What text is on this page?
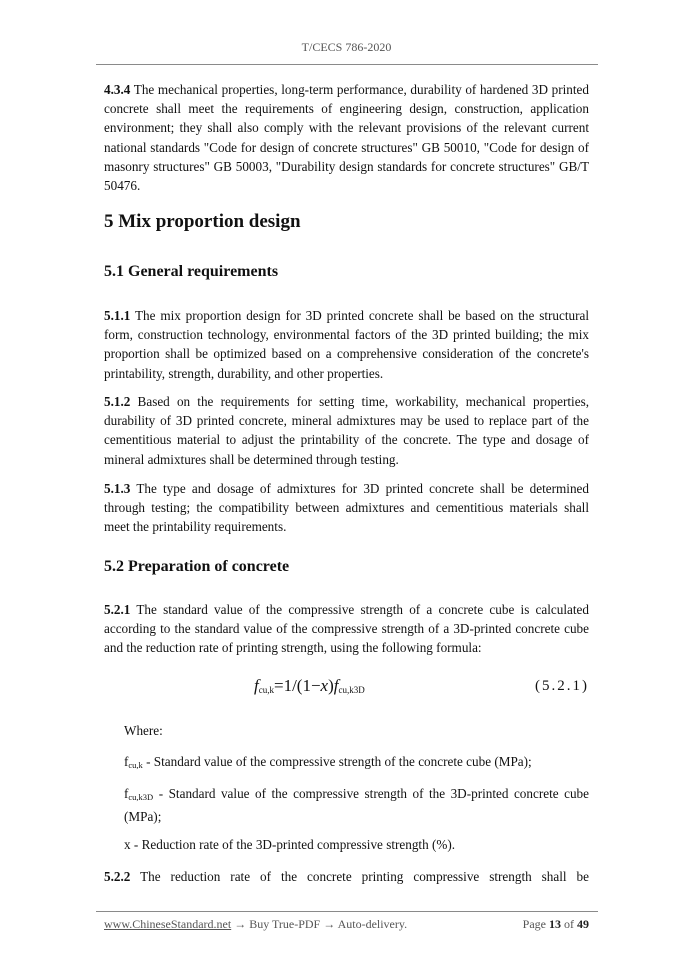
T/CECS 786-2020

4.3.4 The mechanical properties, long-term performance, durability of hardened 3D printed concrete shall meet the requirements of engineering design, construction, application environment; they shall also comply with the relevant provisions of the relevant current national standards "Code for design of concrete structures" GB 50010, "Code for design of masonry structures" GB 50003, "Durability design standards for concrete structures" GB/T 50476.

5 Mix proportion design
5.1 General requirements

5.1.1 The mix proportion design for 3D printed concrete shall be based on the structural form, construction technology, environmental factors of the 3D printed building; the mix proportion shall be optimized based on a comprehensive consideration of the concrete's printability, strength, durability, and other properties.

5.1.2 Based on the requirements for setting time, workability, mechanical properties, durability of 3D printed concrete, mineral admixtures may be used to replace part of the cementitious material to adjust the printability of the concrete. The type and dosage of mineral admixtures shall be determined through testing.

5.1.3 The type and dosage of admixtures for 3D printed concrete shall be determined through testing; the compatibility between admixtures and cementitious materials shall meet the printability requirements.

5.2 Preparation of concrete

5.2.1 The standard value of the compressive strength of a concrete cube is calculated according to the standard value of the compressive strength of a 3D-printed concrete cube and the reduction rate of printing strength, using the following formula:

$f_{cu,k}=1/(1-x)f_{cu,k3D}$	(5.2.1)

Where:

$f_{cu,k}$ - Standard value of the compressive strength of the concrete cube (MPa);

$f_{cu,k3D}$ - Standard value of the compressive strength of the 3D-printed concrete cube (MPa);

x - Reduction rate of the 3D-printed compressive strength (%).

5.2.2 The reduction rate of the concrete printing compressive strength shall be

www.ChineseStandard.net → Buy True-PDF → Auto-delivery.	Page 13 of 49
